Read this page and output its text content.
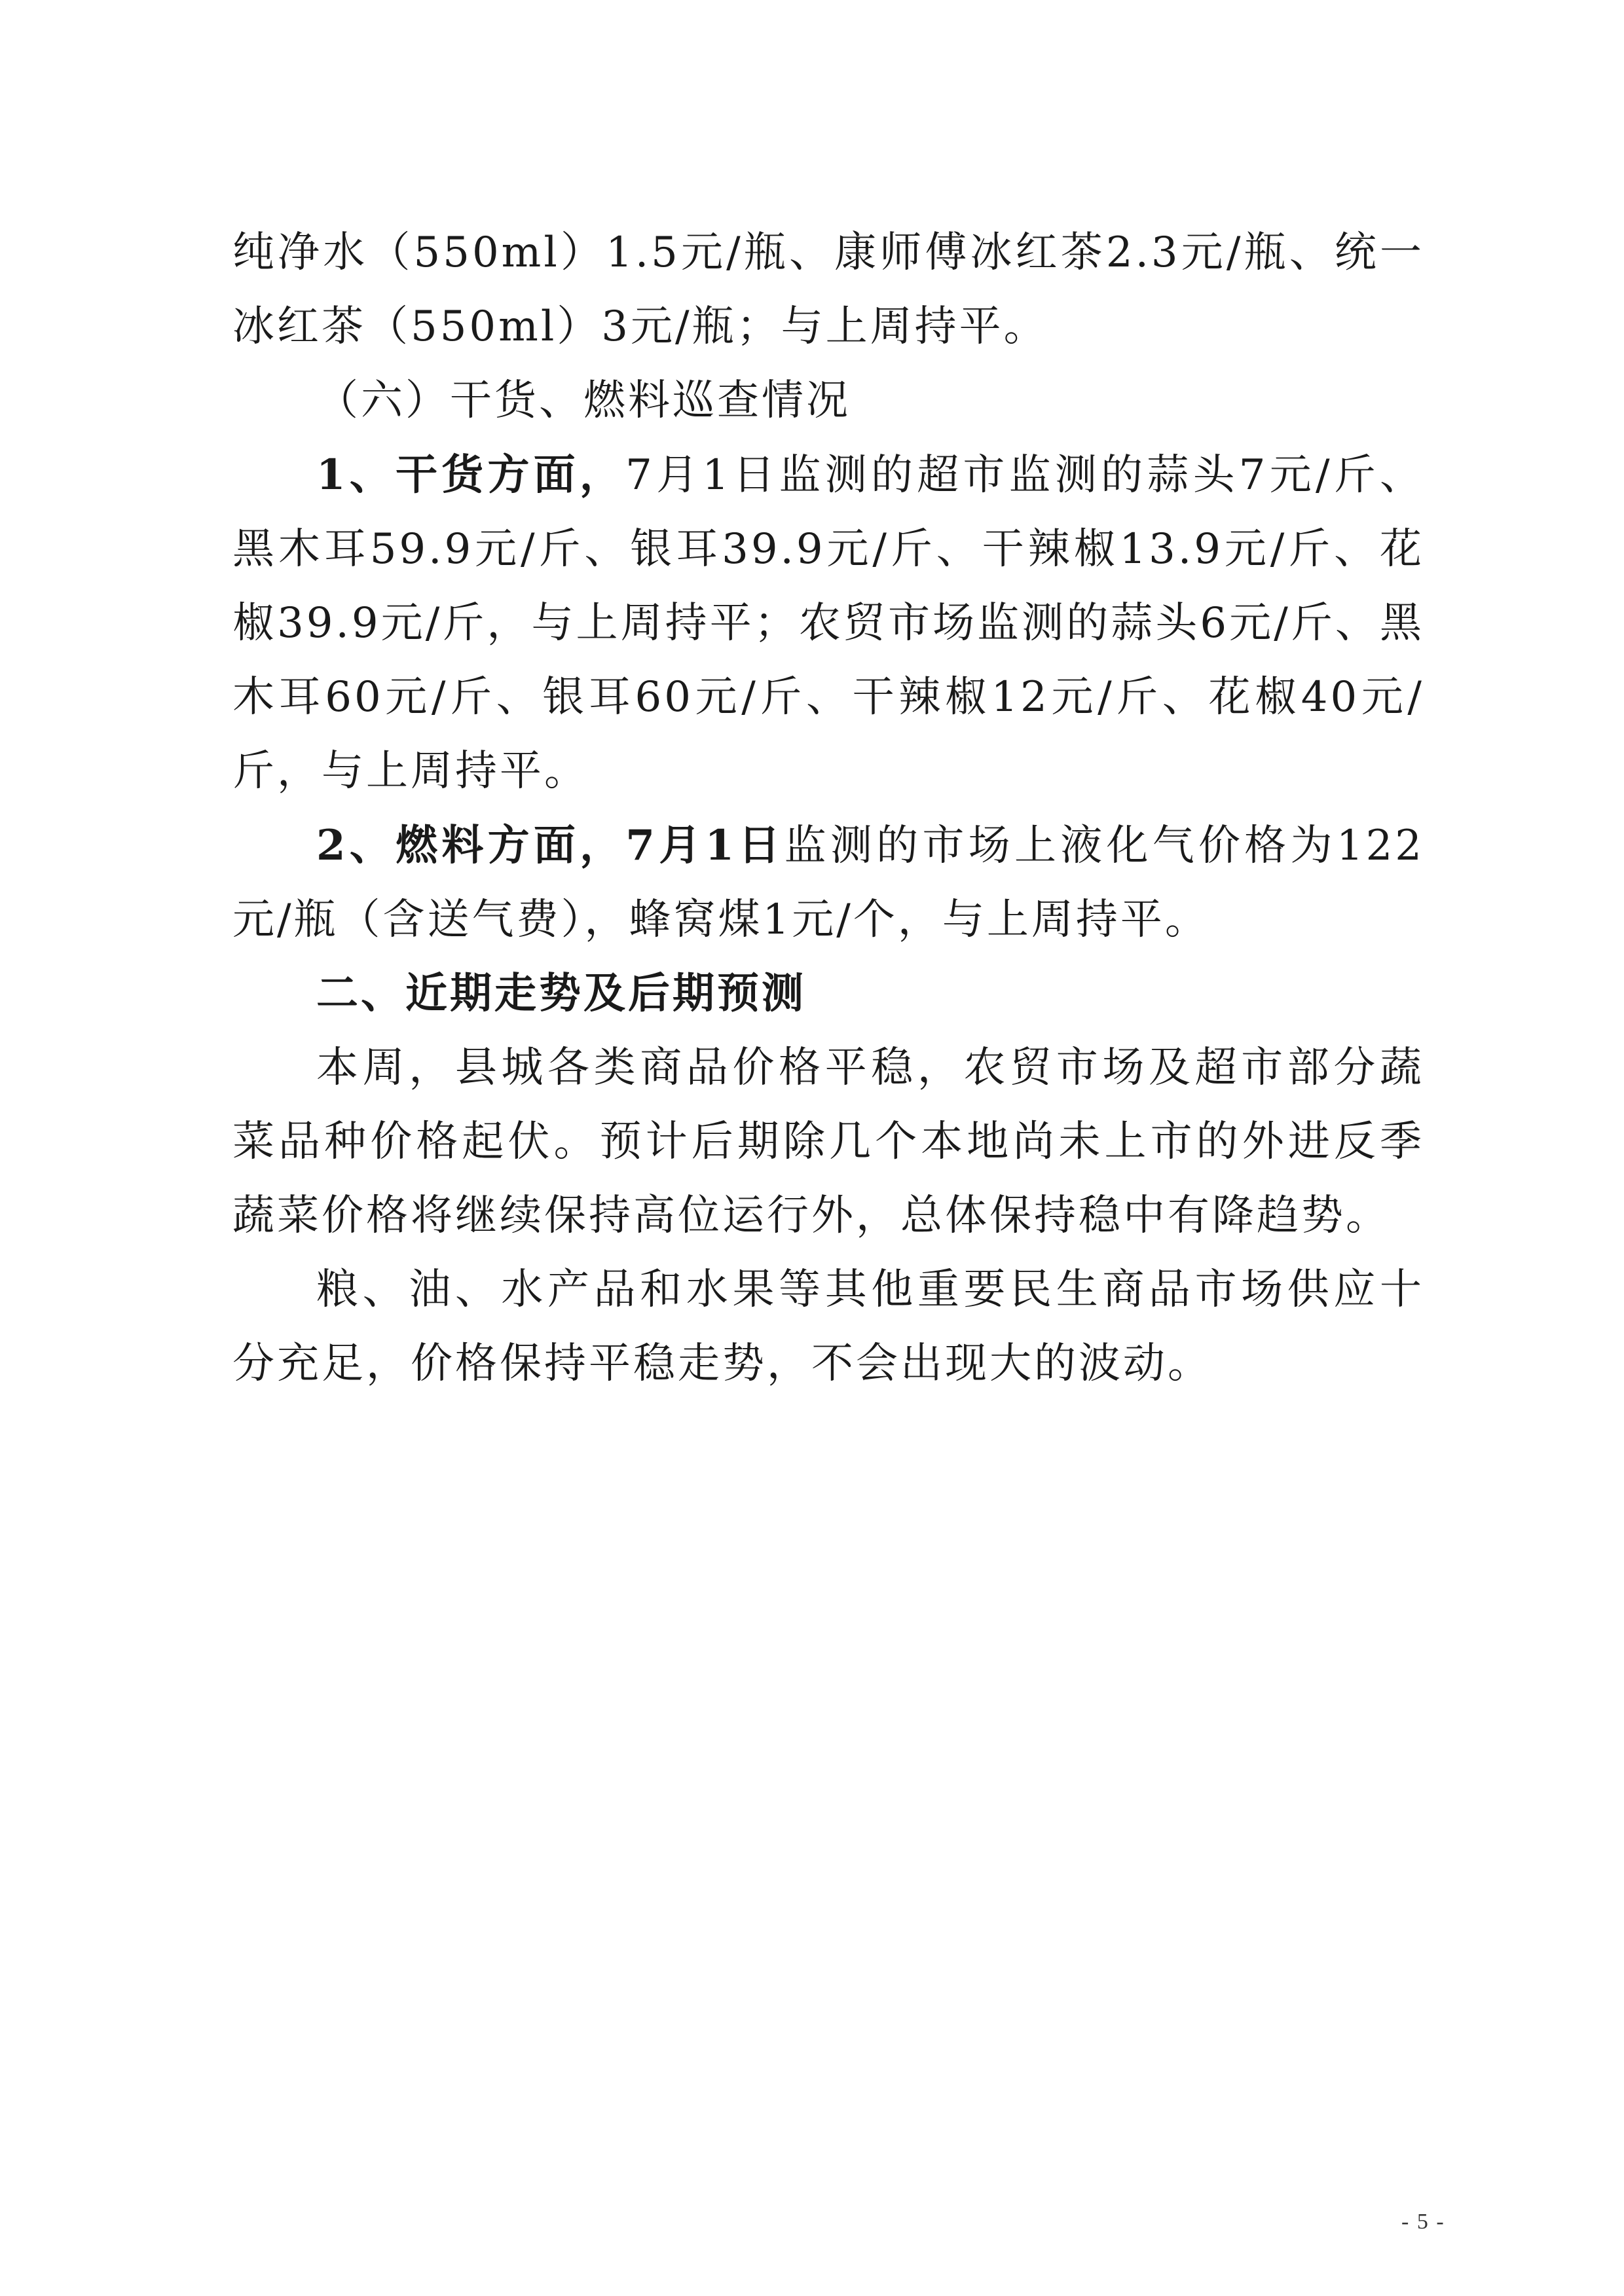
纯净水（550ml）1.5元/瓶、康师傅冰红茶2.3元/瓶、统一冰红茶（550ml）3元/瓶；与上周持平。

（六）干货、燃料巡查情况

1、干货方面，7月1日监测的超市监测的蒜头7元/斤、黑木耳59.9元/斤、银耳39.9元/斤、干辣椒13.9元/斤、花椒39.9元/斤，与上周持平；农贸市场监测的蒜头6元/斤、黑木耳60元/斤、银耳60元/斤、干辣椒12元/斤、花椒40元/斤，与上周持平。

2、燃料方面，7月1日监测的市场上液化气价格为122元/瓶（含送气费），蜂窝煤1元/个，与上周持平。

二、近期走势及后期预测

本周，县城各类商品价格平稳，农贸市场及超市部分蔬菜品种价格起伏。预计后期除几个本地尚未上市的外进反季蔬菜价格将继续保持高位运行外，总体保持稳中有降趋势。

粮、油、水产品和水果等其他重要民生商品市场供应十分充足，价格保持平稳走势，不会出现大的波动。

- 5 -
